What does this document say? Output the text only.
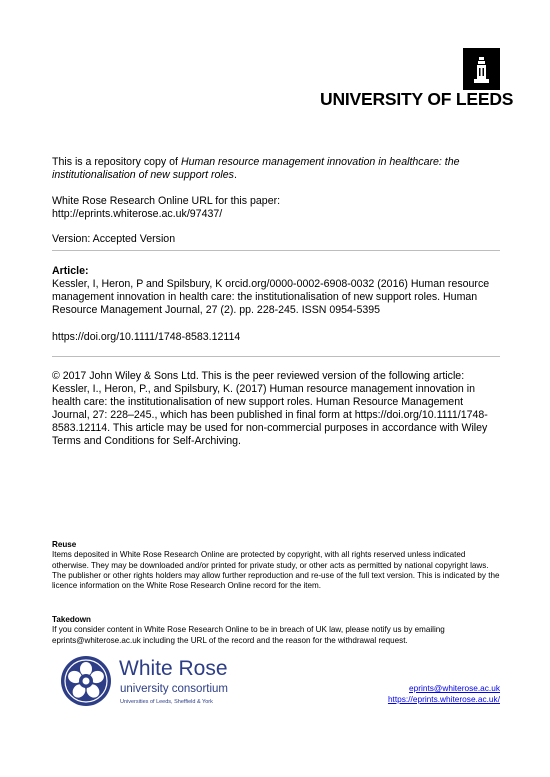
UNIVERSITY OF LEEDS
This is a repository copy of Human resource management innovation in healthcare: the institutionalisation of new support roles.
White Rose Research Online URL for this paper:
http://eprints.whiterose.ac.uk/97437/
Version: Accepted Version
Article:
Kessler, I, Heron, P and Spilsbury, K orcid.org/0000-0002-6908-0032 (2016) Human resource management innovation in health care: the institutionalisation of new support roles. Human Resource Management Journal, 27 (2). pp. 228-245. ISSN 0954-5395
https://doi.org/10.1111/1748-8583.12114
© 2017 John Wiley & Sons Ltd. This is the peer reviewed version of the following article: Kessler, I., Heron, P., and Spilsbury, K. (2017) Human resource management innovation in health care: the institutionalisation of new support roles. Human Resource Management Journal, 27: 228–245., which has been published in final form at https://doi.org/10.1111/1748-8583.12114. This article may be used for non-commercial purposes in accordance with Wiley Terms and Conditions for Self-Archiving.
Reuse
Items deposited in White Rose Research Online are protected by copyright, with all rights reserved unless indicated otherwise. They may be downloaded and/or printed for private study, or other acts as permitted by national copyright laws. The publisher or other rights holders may allow further reproduction and re-use of the full text version. This is indicated by the licence information on the White Rose Research Online record for the item.
Takedown
If you consider content in White Rose Research Online to be in breach of UK law, please notify us by emailing eprints@whiterose.ac.uk including the URL of the record and the reason for the withdrawal request.
White Rose
university consortium
Universities of Leeds, Sheffield & York
eprints@whiterose.ac.uk
https://eprints.whiterose.ac.uk/
